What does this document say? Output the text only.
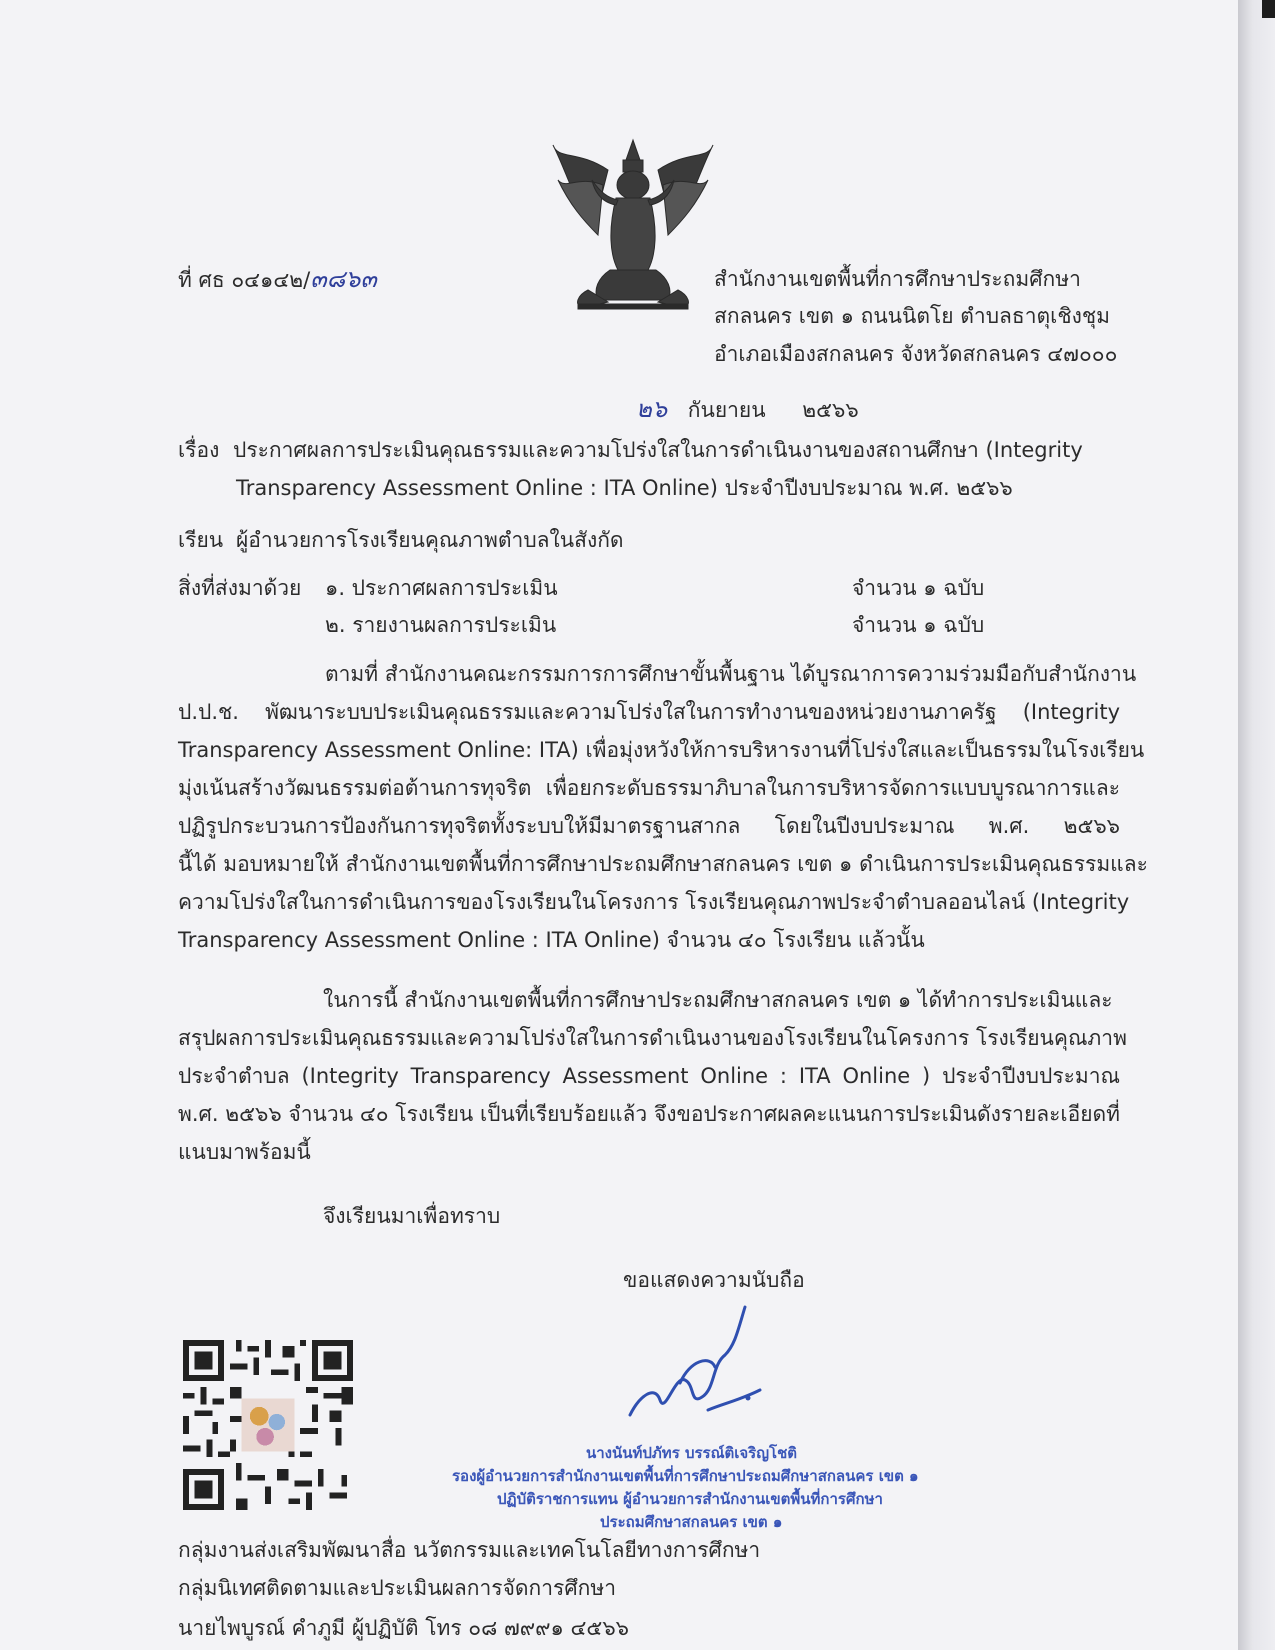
ที่ ศธ ๐๔๑๔๒/๓๘๖๓	สำนักงานเขตพื้นที่การศึกษาประถมศึกษา
สกลนคร เขต ๑ ถนนนิตโย ตำบลธาตุเชิงชุม
อำเภอเมืองสกลนคร จังหวัดสกลนคร ๔๗๐๐๐
๒๖ กันยายน ๒๕๖๖
เรื่อง ประกาศผลการประเมินคุณธรรมและความโปร่งใสในการดำเนินงานของสถานศึกษา (Integrity
Transparency Assessment Online : ITA Online) ประจำปีงบประมาณ พ.ศ. ๒๕๖๖
เรียน ผู้อำนวยการโรงเรียนคุณภาพตำบลในสังกัด
สิ่งที่ส่งมาด้วย ๑. ประกาศผลการประเมิน	จำนวน ๑ ฉบับ
๒. รายงานผลการประเมิน	จำนวน ๑ ฉบับ
ตามที่ สำนักงานคณะกรรมการการศึกษาขั้นพื้นฐาน ได้บูรณาการความร่วมมือกับสำนักงาน
ป.ป.ช. พัฒนาระบบประเมินคุณธรรมและความโปร่งใสในการทำงานของหน่วยงานภาครัฐ (Integrity
Transparency Assessment Online: ITA) เพื่อมุ่งหวังให้การบริหารงานที่โปร่งใสและเป็นธรรมในโรงเรียน
มุ่งเน้นสร้างวัฒนธรรมต่อต้านการทุจริต เพื่อยกระดับธรรมาภิบาลในการบริหารจัดการแบบบูรณาการและ
ปฏิรูปกระบวนการป้องกันการทุจริตทั้งระบบให้มีมาตรฐานสากล โดยในปีงบประมาณ พ.ศ. ๒๕๖๖
นี้ได้ มอบหมายให้ สำนักงานเขตพื้นที่การศึกษาประถมศึกษาสกลนคร เขต ๑ ดำเนินการประเมินคุณธรรมและ
ความโปร่งใสในการดำเนินการของโรงเรียนในโครงการ โรงเรียนคุณภาพประจำตำบลออนไลน์ (Integrity
Transparency Assessment Online : ITA Online) จำนวน ๔๐ โรงเรียน แล้วนั้น
ในการนี้ สำนักงานเขตพื้นที่การศึกษาประถมศึกษาสกลนคร เขต ๑ ได้ทำการประเมินและ
สรุปผลการประเมินคุณธรรมและความโปร่งใสในการดำเนินงานของโรงเรียนในโครงการ โรงเรียนคุณภาพ
ประจำตำบล (Integrity Transparency Assessment Online : ITA Online ) ประจำปีงบประมาณ
พ.ศ. ๒๕๖๖ จำนวน ๔๐ โรงเรียน เป็นที่เรียบร้อยแล้ว จึงขอประกาศผลคะแนนการประเมินดังรายละเอียดที่
แนบมาพร้อมนี้
จึงเรียนมาเพื่อทราบ
ขอแสดงความนับถือ
นางนันท์ปภัทร บรรณ์ติเจริญโชติ
รองผู้อำนวยการสำนักงานเขตพื้นที่การศึกษาประถมศึกษาสกลนคร เขต ๑
ปฏิบัติราชการแทน ผู้อำนวยการสำนักงานเขตพื้นที่การศึกษา
ประถมศึกษาสกลนคร เขต ๑
กลุ่มงานส่งเสริมพัฒนาสื่อ นวัตกรรมและเทคโนโลยีทางการศึกษา
กลุ่มนิเทศติดตามและประเมินผลการจัดการศึกษา
นายไพบูรณ์ คำภูมี ผู้ปฏิบัติ โทร ๐๘ ๗๙๙๑ ๔๕๖๖
